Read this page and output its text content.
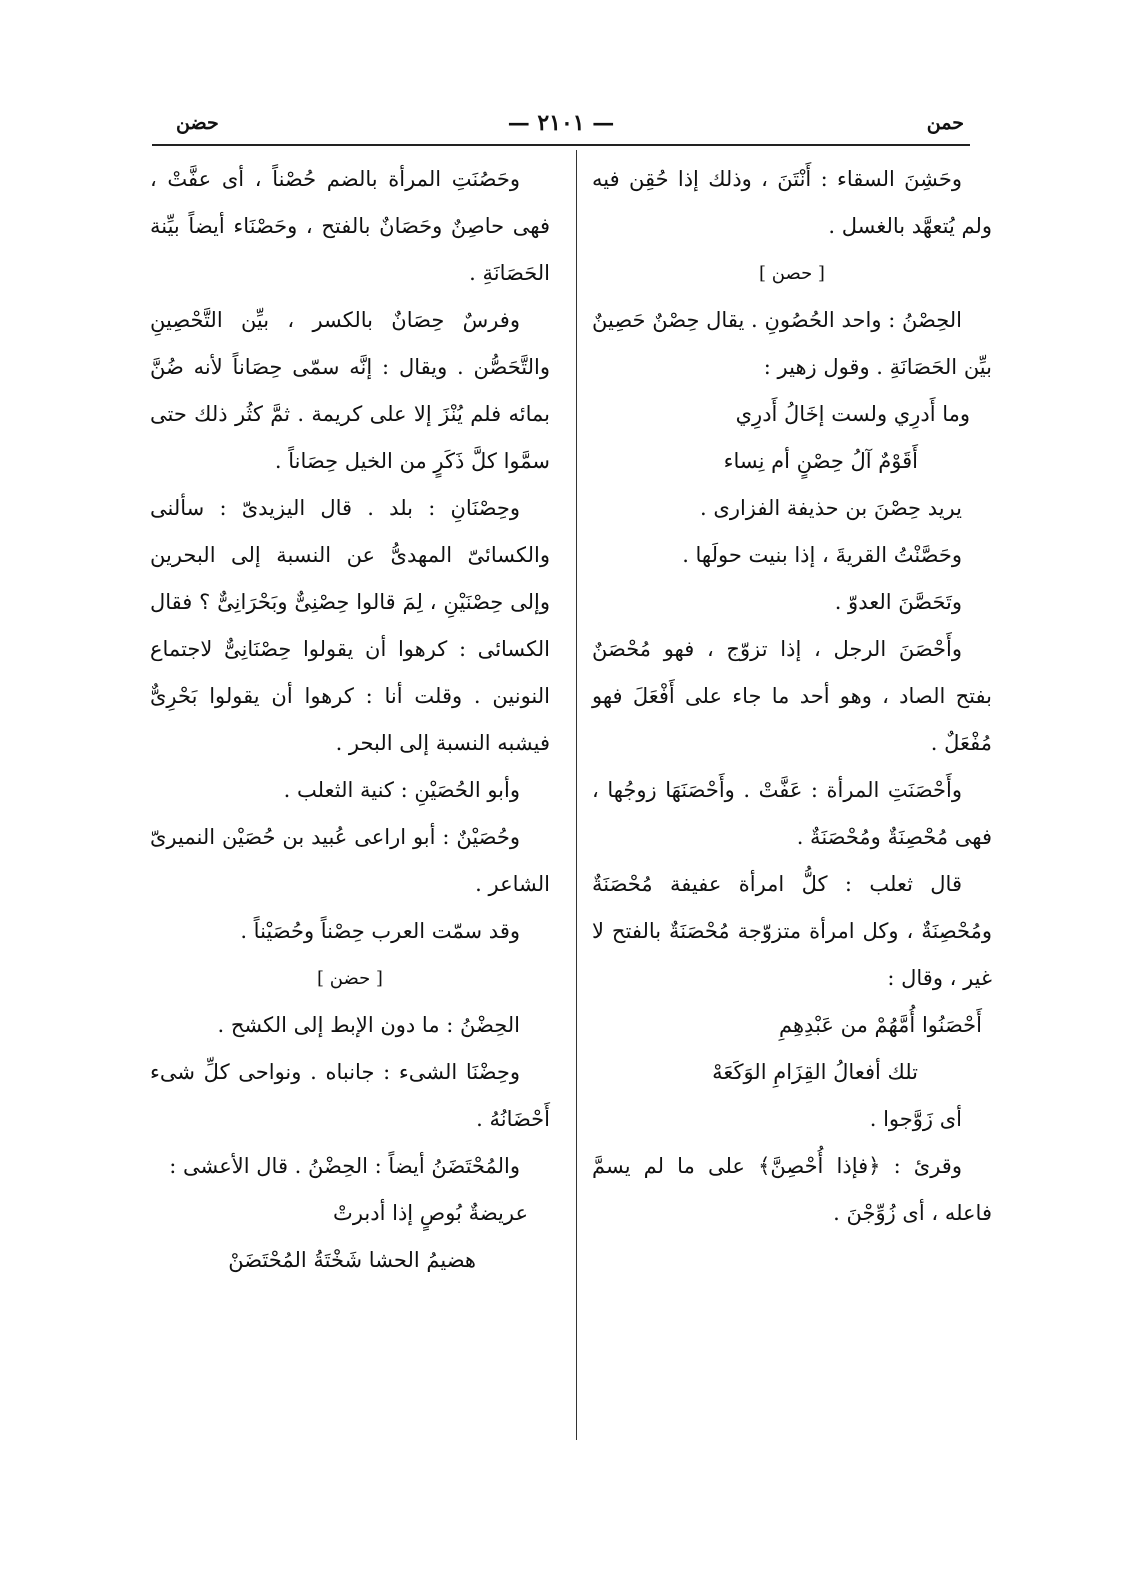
حمن
— ٢١٠١ —
حضن

وحَشِنَ السقاء : أَنْتَنَ ، وذلك إذا حُقِن فيه ولم يُتعهَّد بالغسل .

[ حصن ]

الحِصْنُ : واحد الحُصُونِ . يقال حِصْنٌ حَصِينٌ بيِّن الحَصَانَةِ . وقول زهير :

وما أَدرِي ولست إخَالُ أَدرِي

أَقَوْمٌ آلُ حِصْنٍ أم نِساء

يريد حِصْنَ بن حذيفة الفزارى .

وحَصَّنْتُ القريةَ ، إذا بنيت حولَها .

وتَحَصَّنَ العدوّ .

وأَحْصَنَ الرجل ، إذا تزوّج ، فهو مُحْصَنٌ بفتح الصاد ، وهو أحد ما جاء على أَفْعَلَ فهو مُفْعَلٌ .

وأَحْصَنَتِ المرأة : عَفَّتْ . وأَحْصَنَهَا زوجُها ، فهى مُحْصِنَةٌ ومُحْصَنَةٌ .

قال ثعلب : كلُّ امرأة عفيفة مُحْصَنَةٌ ومُحْصِنَةٌ ، وكل امرأة متزوّجة مُحْصَنَةٌ بالفتح لا غير ، وقال :

أَحْصَنُوا أُمَّهُمْ من عَبْدِهِمِ

تلك أفعالُ القِزَامِ الوَكَعَهْ

أى زَوَّجوا .

وقرئ : ﴿فإذا أُحْصِنَّ﴾ على ما لم يسمَّ فاعله ، أى زُوِّجْنَ .

وحَصُنَتِ المرأة بالضم حُصْناً ، أى عفَّتْ ، فهى حاصِنٌ وحَصَانٌ بالفتح ، وحَصْنَاء أيضاً بيِّنة الحَصَانَةِ .

وفرسٌ حِصَانٌ بالكسر ، بيِّن التَّحْصِينِ والتَّحَصُّن . ويقال : إنَّه سمّى حِصَاناً لأنه ضُنَّ بمائه فلم يُنْزَ إلا على كريمة . ثمَّ كثُر ذلك حتى سمَّوا كلَّ ذَكَرٍ من الخيل حِصَاناً .

وحِصْنَانِ : بلد . قال اليزيدىّ : سألنى والكسائىّ المهدىُّ عن النسبة إلى البحرين وإلى حِصْنَيْنِ ، لِمَ قالوا حِصْنِىٌّ وبَحْرَانِىٌّ ؟ فقال الكسائى : كرهوا أن يقولوا حِصْنَانِىٌّ لاجتماع النونين . وقلت أنا : كرهوا أن يقولوا بَحْرِىٌّ فيشبه النسبة إلى البحر .

وأبو الحُصَيْنِ : كنية الثعلب .

وحُصَيْنٌ : أبو اراعى عُبيد بن حُصَيْن النميرىّ الشاعر .

وقد سمّت العرب حِصْناً وحُصَيْناً .

[ حضن ]

الحِضْنُ : ما دون الإبط إلى الكشح .

وحِضْنَا الشىء : جانباه . ونواحى كلِّ شىء أَحْضَانُهُ .

والمُحْتَضَنُ أيضاً : الحِضْنُ . قال الأعشى :

عريضةٌ بُوصٍ إذا أدبرتْ

هضيمُ الحشا شَخْتَةُ المُحْتَضَنْ
